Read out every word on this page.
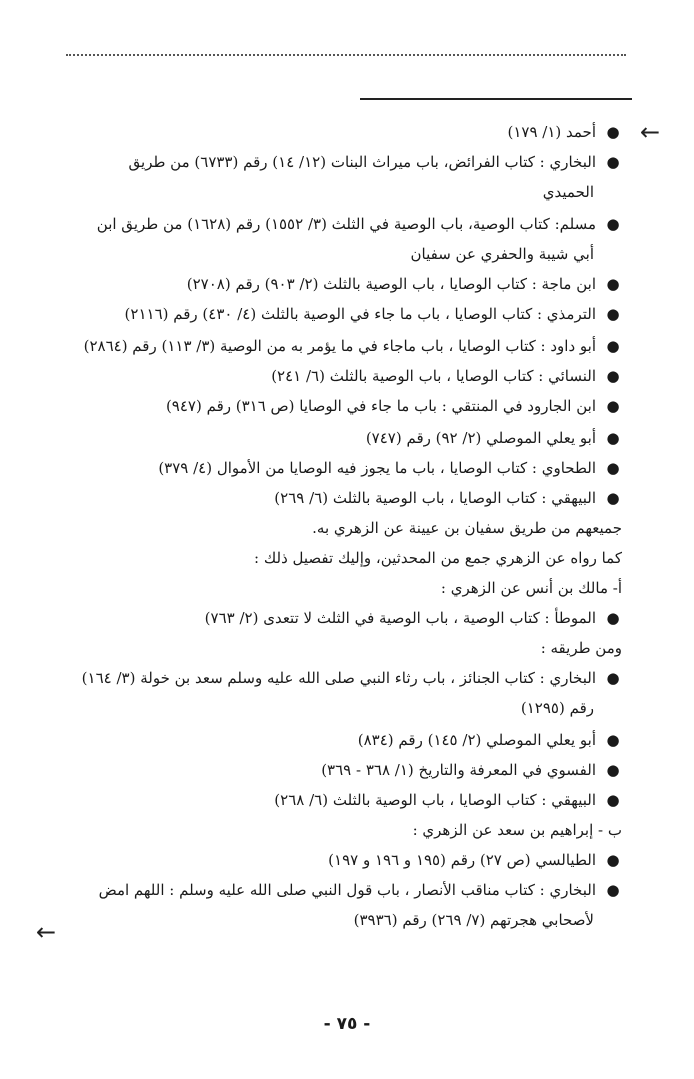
←
←
● أحمد (١/ ١٧٩)
● البخاري : كتاب الفرائض، باب ميراث البنات (١٢/ ١٤) رقم (٦٧٣٣) من طريق
الحميدي
● مسلم: كتاب الوصية، باب الوصية في الثلث (٣/ ١٥٥٢) رقم (١٦٢٨) من طريق ابن
أبي شيبة والحفري عن سفيان
● ابن ماجة : كتاب الوصايا ، باب الوصية بالثلث (٢/ ٩٠٣) رقم (٢٧٠٨)
● الترمذي : كتاب الوصايا ، باب ما جاء في الوصية بالثلث (٤/ ٤٣٠) رقم (٢١١٦)
● أبو داود : كتاب الوصايا ، باب ماجاء في ما يؤمر به من الوصية (٣/ ١١٣) رقم (٢٨٦٤)
● النسائي : كتاب الوصايا ، باب الوصية بالثلث (٦/ ٢٤١)
● ابن الجارود في المنتقي : باب ما جاء في الوصايا (ص ٣١٦) رقم (٩٤٧)
● أبو يعلي الموصلي (٢/ ٩٢) رقم (٧٤٧)
● الطحاوي : كتاب الوصايا ، باب ما يجوز فيه الوصايا من الأموال (٤/ ٣٧٩)
● البيهقي : كتاب الوصايا ، باب الوصية بالثلث (٦/ ٢٦٩)
جميعهم من طريق سفيان بن عيينة عن الزهري به.
كما رواه عن الزهري جمع من المحدثين، وإليك تفصيل ذلك :
أ- مالك بن أنس عن الزهري :
● الموطأ : كتاب الوصية ، باب الوصية في الثلث لا تتعدى (٢/ ٧٦٣)
ومن طريقه :
● البخاري : كتاب الجنائز ، باب رثاء النبي صلى الله عليه وسلم سعد بن خولة (٣/ ١٦٤)
رقم (١٢٩٥)
● أبو يعلي الموصلي (٢/ ١٤٥) رقم (٨٣٤)
● الفسوي في المعرفة والتاريخ (١/ ٣٦٨ - ٣٦٩)
● البيهقي : كتاب الوصايا ، باب الوصية بالثلث (٦/ ٢٦٨)
ب - إبراهيم بن سعد عن الزهري :
● الطيالسي (ص ٢٧) رقم (١٩٥ و ١٩٦ و ١٩٧)
● البخاري : كتاب مناقب الأنصار ، باب قول النبي صلى الله عليه وسلم : اللهم امض
لأصحابي هجرتهم (٧/ ٢٦٩) رقم (٣٩٣٦)
- ٧٥ -
